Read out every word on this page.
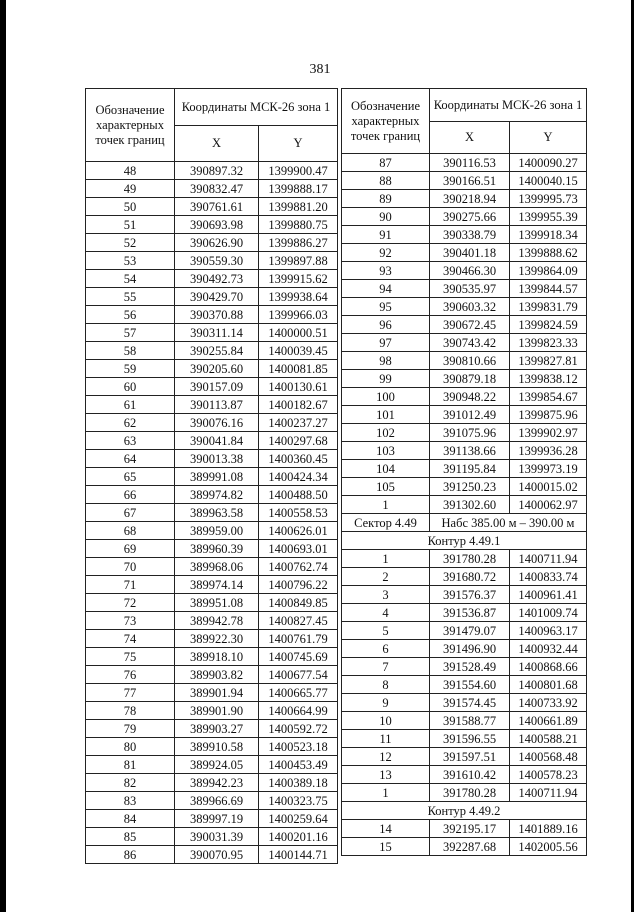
381
Обозначение характерных точек границ	Координаты МСК-26 зона 1	
	X	Y
48	390897.32	1399900.47
49	390832.47	1399888.17
50	390761.61	1399881.20
51	390693.98	1399880.75
52	390626.90	1399886.27
53	390559.30	1399897.88
54	390492.73	1399915.62
55	390429.70	1399938.64
56	390370.88	1399966.03
57	390311.14	1400000.51
58	390255.84	1400039.45
59	390205.60	1400081.85
60	390157.09	1400130.61
61	390113.87	1400182.67
62	390076.16	1400237.27
63	390041.84	1400297.68
64	390013.38	1400360.45
65	389991.08	1400424.34
66	389974.82	1400488.50
67	389963.58	1400558.53
68	389959.00	1400626.01
69	389960.39	1400693.01
70	389968.06	1400762.74
71	389974.14	1400796.22
72	389951.08	1400849.85
73	389942.78	1400827.45
74	389922.30	1400761.79
75	389918.10	1400745.69
76	389903.82	1400677.54
77	389901.94	1400665.77
78	389901.90	1400664.99
79	389903.27	1400592.72
80	389910.58	1400523.18
81	389924.05	1400453.49
82	389942.23	1400389.18
83	389966.69	1400323.75
84	389997.19	1400259.64
85	390031.39	1400201.16
86	390070.95	1400144.71
Обозначение характерных точек границ	Координаты МСК-26 зона 1	
	X	Y
87	390116.53	1400090.27
88	390166.51	1400040.15
89	390218.94	1399995.73
90	390275.66	1399955.39
91	390338.79	1399918.34
92	390401.18	1399888.62
93	390466.30	1399864.09
94	390535.97	1399844.57
95	390603.32	1399831.79
96	390672.45	1399824.59
97	390743.42	1399823.33
98	390810.66	1399827.81
99	390879.18	1399838.12
100	390948.22	1399854.67
101	391012.49	1399875.96
102	391075.96	1399902.97
103	391138.66	1399936.28
104	391195.84	1399973.19
105	391250.23	1400015.02
1	391302.60	1400062.97
Сектор 4.49	Набс 385.00 м – 390.00 м	
Контур 4.49.1		
1	391780.28	1400711.94
2	391680.72	1400833.74
3	391576.37	1400961.41
4	391536.87	1401009.74
5	391479.07	1400963.17
6	391496.90	1400932.44
7	391528.49	1400868.66
8	391554.60	1400801.68
9	391574.45	1400733.92
10	391588.77	1400661.89
11	391596.55	1400588.21
12	391597.51	1400568.48
13	391610.42	1400578.23
1	391780.28	1400711.94
Контур 4.49.2		
14	392195.17	1401889.16
15	392287.68	1402005.56
